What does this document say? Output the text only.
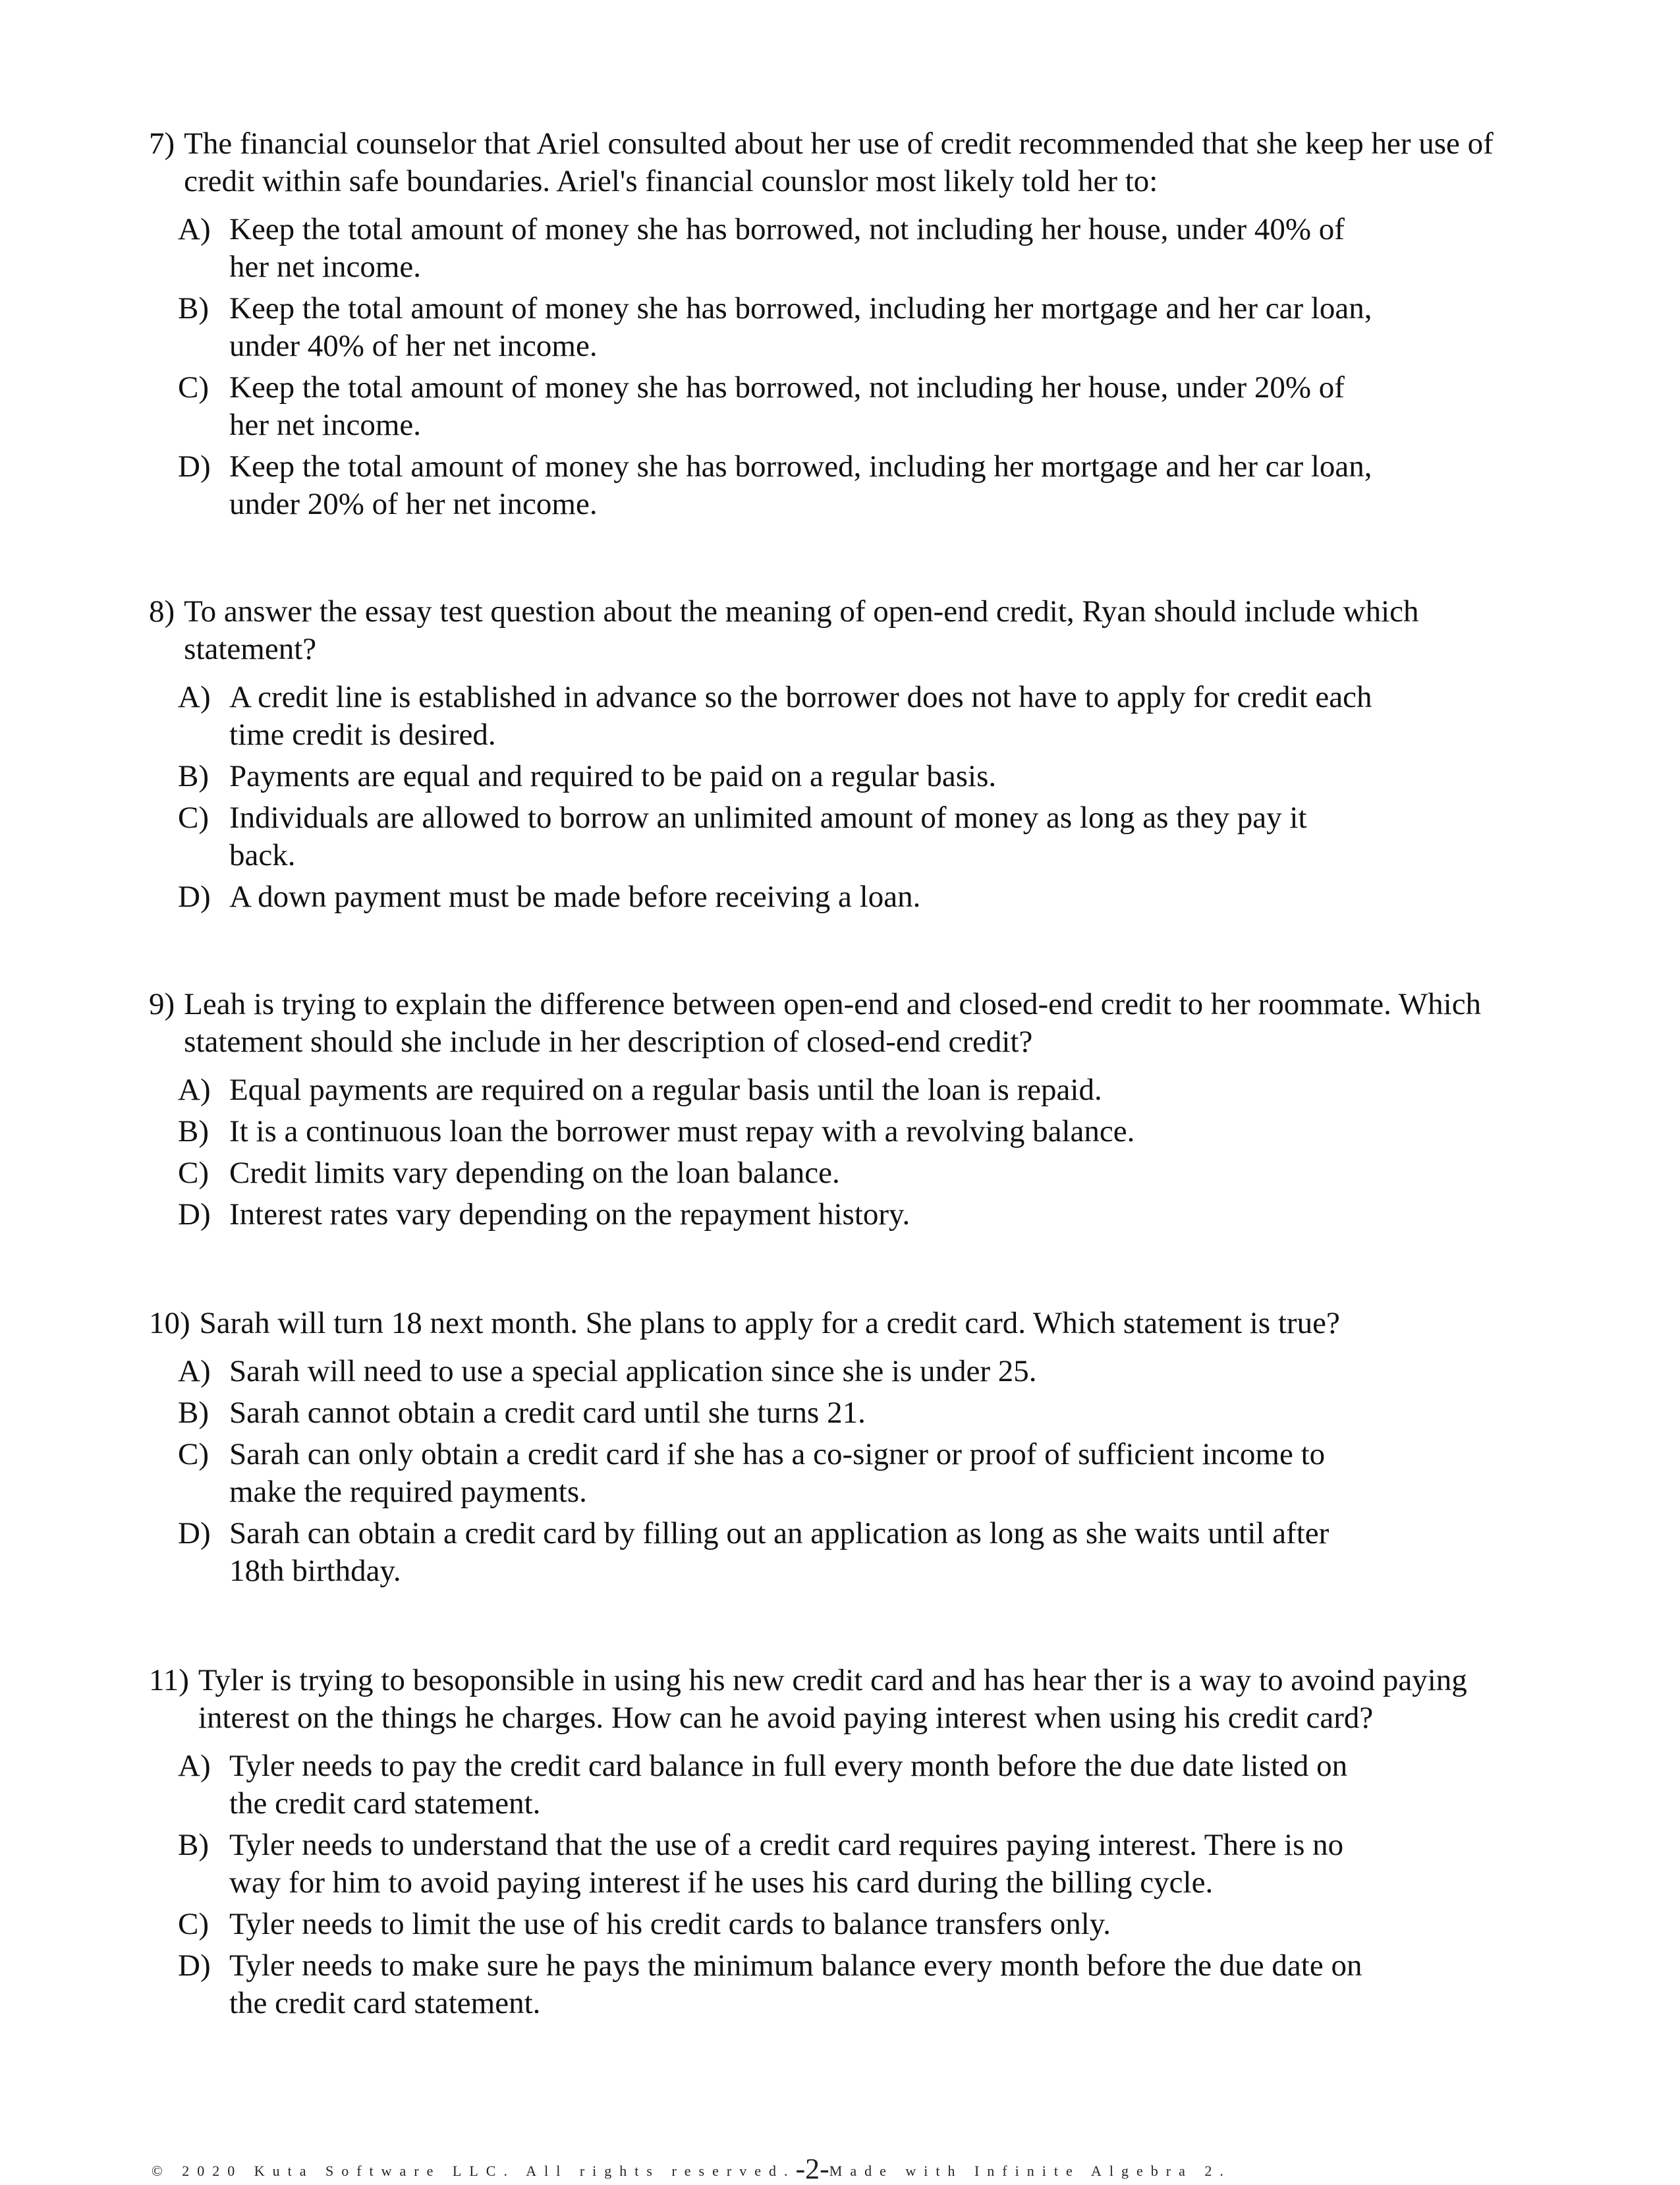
7) The financial counselor that Ariel consulted about her use of credit recommended that she keep her use of credit within safe boundaries. Ariel's financial counslor most likely told her to:
A) Keep the total amount of money she has borrowed, not including her house, under 40% of her net income.
B) Keep the total amount of money she has borrowed, including her mortgage and her car loan, under 40% of her net income.
C) Keep the total amount of money she has borrowed, not including her house, under 20% of her net income.
D) Keep the total amount of money she has borrowed, including her mortgage and her car loan, under 20% of her net income.
8) To answer the essay test question about the meaning of open-end credit, Ryan should include which statement?
A) A credit line is established in advance so the borrower does not have to apply for credit each time credit is desired.
B) Payments are equal and required to be paid on a regular basis.
C) Individuals are allowed to borrow an unlimited amount of money as long as they pay it back.
D) A down payment must be made before receiving a loan.
9) Leah is trying to explain the difference between open-end and closed-end credit to her roommate. Which statement should she include in her description of closed-end credit?
A) Equal payments are required on a regular basis until the loan is repaid.
B) It is a continuous loan the borrower must repay with a revolving balance.
C) Credit limits vary depending on the loan balance.
D) Interest rates vary depending on the repayment history.
10) Sarah will turn 18 next month. She plans to apply for a credit card. Which statement is true?
A) Sarah will need to use a special application since she is under 25.
B) Sarah cannot obtain a credit card until she turns 21.
C) Sarah can only obtain a credit card if she has a co-signer or proof of sufficient income to make the required payments.
D) Sarah can obtain a credit card by filling out an application as long as she waits until after 18th birthday.
11) Tyler is trying to besoponsible in using his new credit card and has hear ther is a way to avoind paying interest on the things he charges. How can he avoid paying interest when using his credit card?
A) Tyler needs to pay the credit card balance in full every month before the due date listed on the credit card statement.
B) Tyler needs to understand that the use of a credit card requires paying interest. There is no way for him to avoid paying interest if he uses his card during the billing cycle.
C) Tyler needs to limit the use of his credit cards to balance transfers only.
D) Tyler needs to make sure he pays the minimum balance every month before the due date on the credit card statement.
© 2020 Kuta Software LLC. All rights reserved.-2-Made with Infinite Algebra 2.
